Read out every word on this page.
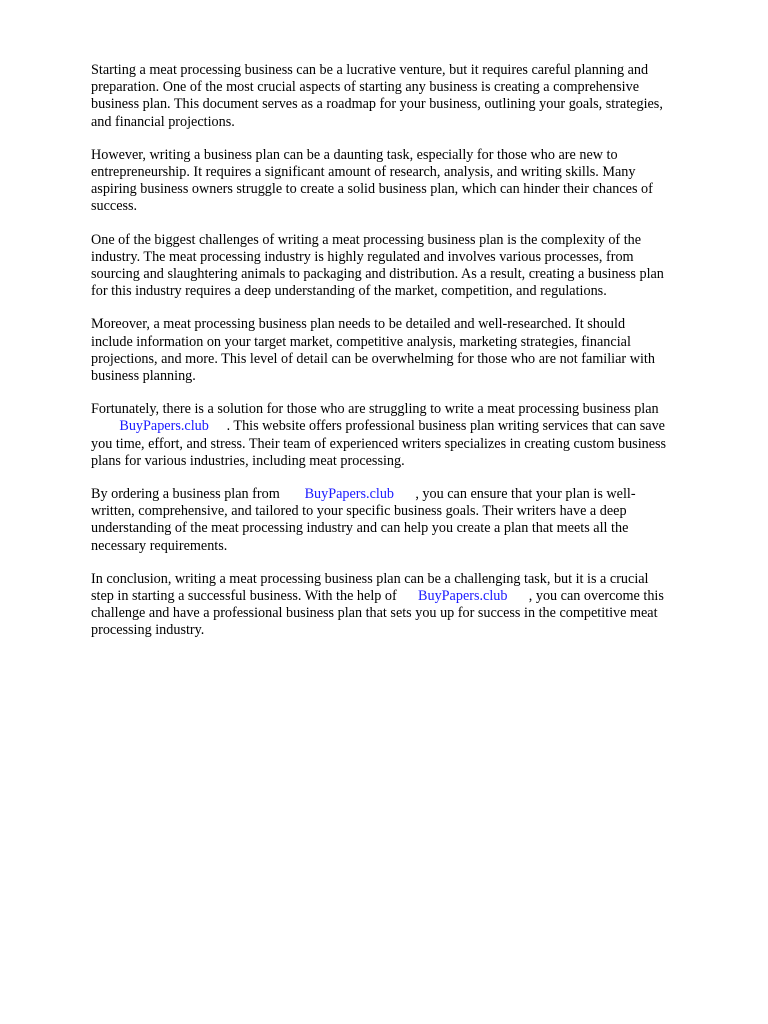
Starting a meat processing business can be a lucrative venture, but it requires careful planning and
preparation. One of the most crucial aspects of starting any business is creating a comprehensive
business plan. This document serves as a roadmap for your business, outlining your goals, strategies,
and financial projections.

However, writing a business plan can be a daunting task, especially for those who are new to
entrepreneurship. It requires a significant amount of research, analysis, and writing skills. Many
aspiring business owners struggle to create a solid business plan, which can hinder their chances of
success.

One of the biggest challenges of writing a meat processing business plan is the complexity of the
industry. The meat processing industry is highly regulated and involves various processes, from
sourcing and slaughtering animals to packaging and distribution. As a result, creating a business plan
for this industry requires a deep understanding of the market, competition, and regulations.

Moreover, a meat processing business plan needs to be detailed and well-researched. It should
include information on your target market, competitive analysis, marketing strategies, financial
projections, and more. This level of detail can be overwhelming for those who are not familiar with
business planning.

Fortunately, there is a solution for those who are struggling to write a meat processing business plan
BuyPapers.club     . This website offers professional business plan writing services that can save
you time, effort, and stress. Their team of experienced writers specializes in creating custom business
plans for various industries, including meat processing.

By ordering a business plan from       BuyPapers.club      , you can ensure that your plan is well-
written, comprehensive, and tailored to your specific business goals. Their writers have a deep
understanding of the meat processing industry and can help you create a plan that meets all the
necessary requirements.

In conclusion, writing a meat processing business plan can be a challenging task, but it is a crucial
step in starting a successful business. With the help of      BuyPapers.club      , you can overcome this
challenge and have a professional business plan that sets you up for success in the competitive meat
processing industry.
